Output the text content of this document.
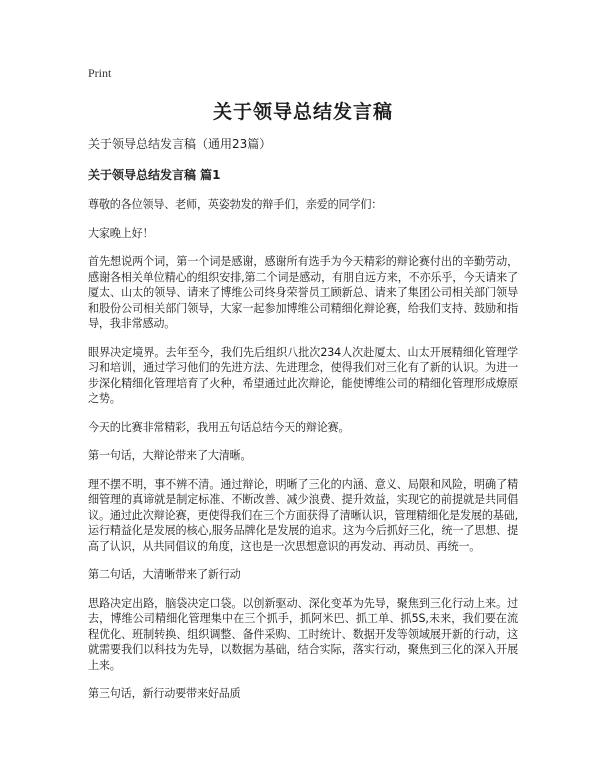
Print
关于领导总结发言稿
关于领导总结发言稿（通用23篇）
关于领导总结发言稿 篇1

尊敬的各位领导、老师，英姿勃发的辩手们，亲爱的同学们：

大家晚上好！

首先想说两个词，第一个词是感谢，感谢所有选手为今天精彩的辩论赛付出的辛勤劳动，感谢各相关单位精心的组织安排,第二个词是感动，有朋自远方来，不亦乐乎，今天请来了厦太、山太的领导、请来了博维公司终身荣誉员工顾新总、请来了集团公司相关部门领导和股份公司相关部门领导，大家一起参加博维公司精细化辩论赛，给我们支持、鼓励和指导，我非常感动。

眼界决定境界。去年至今，我们先后组织八批次234人次赴厦太、山太开展精细化管理学习和培训，通过学习他们的先进方法、先进理念，使得我们对三化有了新的认识。为进一步深化精细化管理培育了火种，希望通过此次辩论，能使博维公司的精细化管理形成燎原之势。

今天的比赛非常精彩，我用五句话总结今天的辩论赛。

第一句话，大辩论带来了大清晰。

理不摆不明，事不辨不清。通过辩论，明晰了三化的内涵、意义、局限和风险，明确了精细管理的真谛就是制定标准、不断改善、减少浪费、提升效益，实现它的前提就是共同倡议。通过此次辩论赛，更使得我们在三个方面获得了清晰认识，管理精细化是发展的基础,运行精益化是发展的核心,服务品牌化是发展的追求。这为今后抓好三化，统一了思想、提高了认识，从共同倡议的角度，这也是一次思想意识的再发动、再动员、再统一。

第二句话，大清晰带来了新行动

思路决定出路，脑袋决定口袋。以创新驱动、深化变革为先导，聚焦到三化行动上来。过去，博维公司精细化管理集中在三个抓手，抓阿米巴、抓工单、抓5S,未来，我们要在流程优化、班制转换、组织调整、备件采购、工时统计、数据开发等领域展开新的行动，这就需要我们以科技为先导，以数据为基础，结合实际，落实行动，聚焦到三化的深入开展上来。

第三句话，新行动要带来好品质
